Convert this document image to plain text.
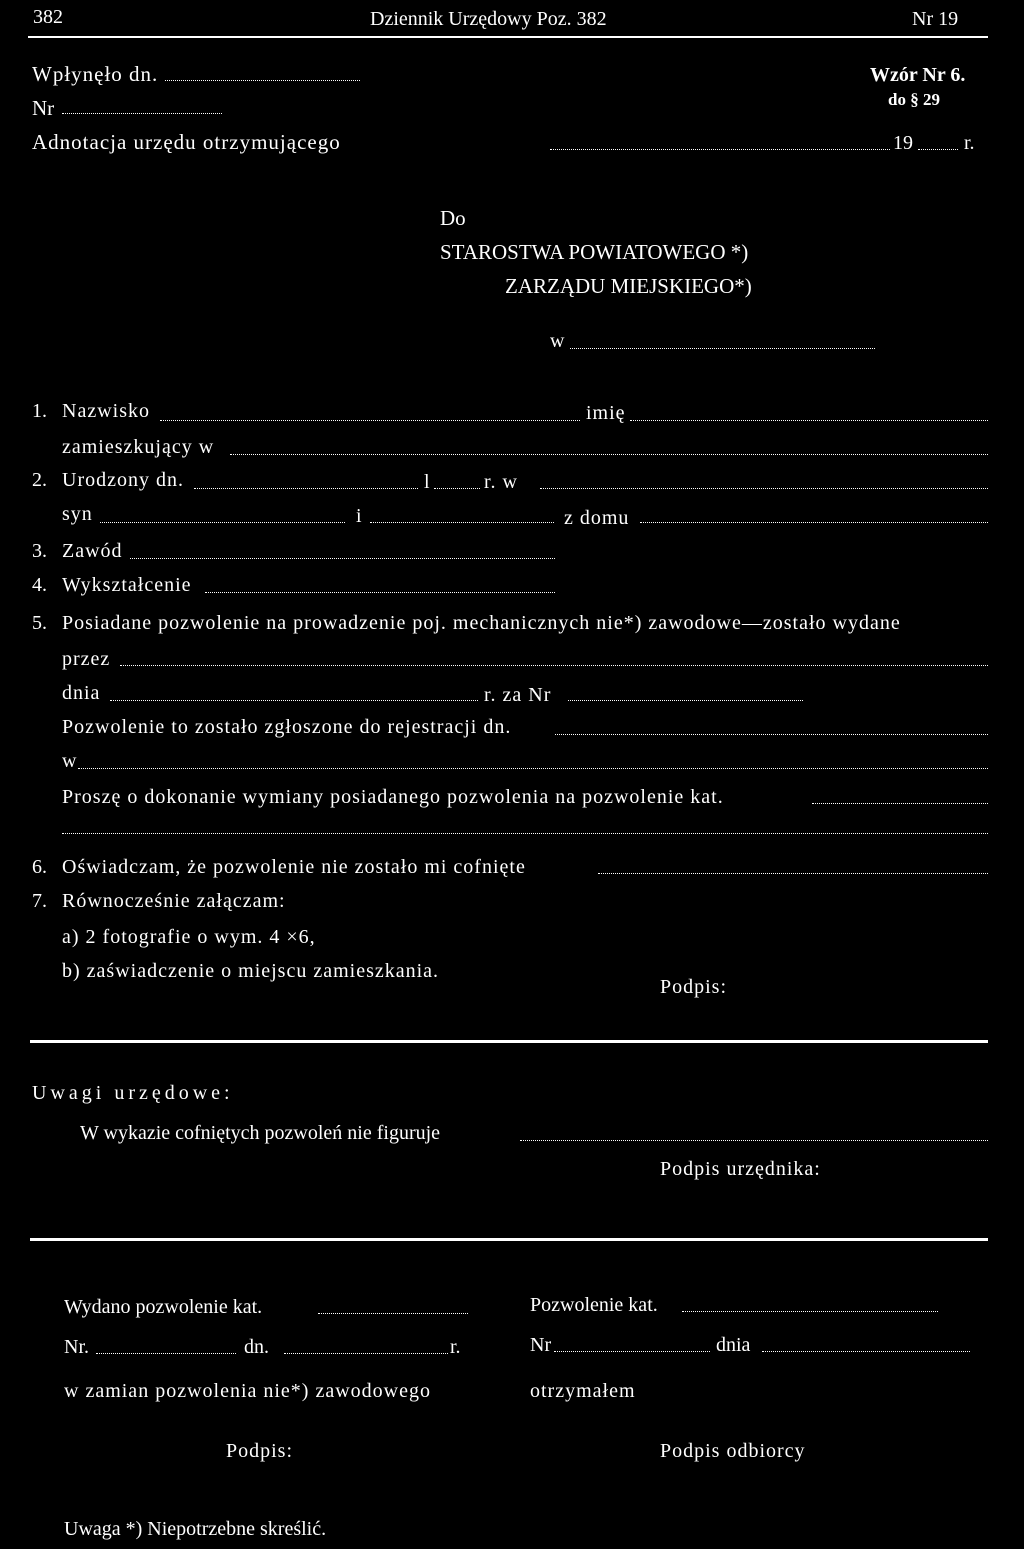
382	Dziennik Urzędowy Poz. 382	Nr 19
Wpłynęło dn.
Nr
Adnotacja urzędu otrzymującego
Wzór Nr 6.
do § 29
19	r.
Do
STAROSTWA POWIATOWEGO *)
ZARZĄDU MIEJSKIEGO*)
w
1. Nazwisko	imię
zamieszkujący w
2. Urodzony dn.	l	r. w
syn	i	z domu
3. Zawód
4. Wykształcenie
5. Posiadane pozwolenie na prowadzenie poj. mechanicznych nie*) zawodowe—zostało wydane
przez
dnia	r. za Nr
Pozwolenie to zostało zgłoszone do rejestracji dn.
w
Proszę o dokonanie wymiany posiadanego pozwolenia na pozwolenie kat.
6. Oświadczam, że pozwolenie nie zostało mi cofnięte
7. Równocześnie załączam:
a) 2 fotografie o wym. 4 ×6,
b) zaświadczenie o miejscu zamieszkania.
Podpis:
Uwagi urzędowe:
W wykazie cofniętych pozwoleń nie figuruje
Podpis urzędnika:
Wydano pozwolenie kat.
Nr.	dn.	r.
w zamian pozwolenia nie*) zawodowego
Podpis:
Pozwolenie kat.
Nr	dnia
otrzymałem
Podpis odbiorcy
Uwaga *) Niepotrzebne skreślić.
